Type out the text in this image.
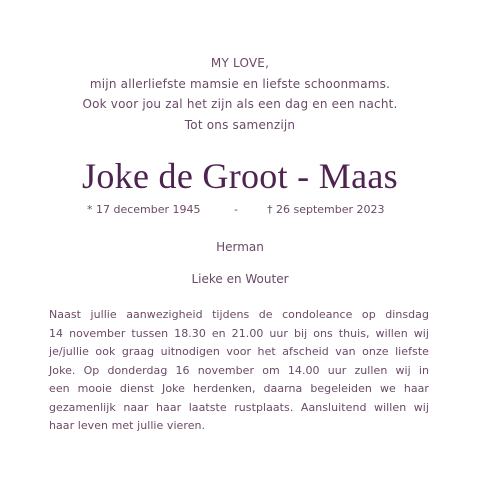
MY LOVE,
mijn allerliefste mamsie en liefste schoonmams.
Ook voor jou zal het zijn als een dag en een nacht.
Tot ons samenzijn
Joke de Groot - Maas
* 17 december 1945	-	† 26 september 2023
Herman
Lieke en Wouter
Naast jullie aanwezigheid tijdens de condoleance op dinsdag
14 november tussen 18.30 en 21.00 uur bij ons thuis, willen wij
je/jullie ook graag uitnodigen voor het afscheid van onze liefste
Joke. Op donderdag 16 november om 14.00 uur zullen wij in
een mooie dienst Joke herdenken, daarna begeleiden we haar
gezamenlijk naar haar laatste rustplaats. Aansluitend willen wij
haar leven met jullie vieren.
